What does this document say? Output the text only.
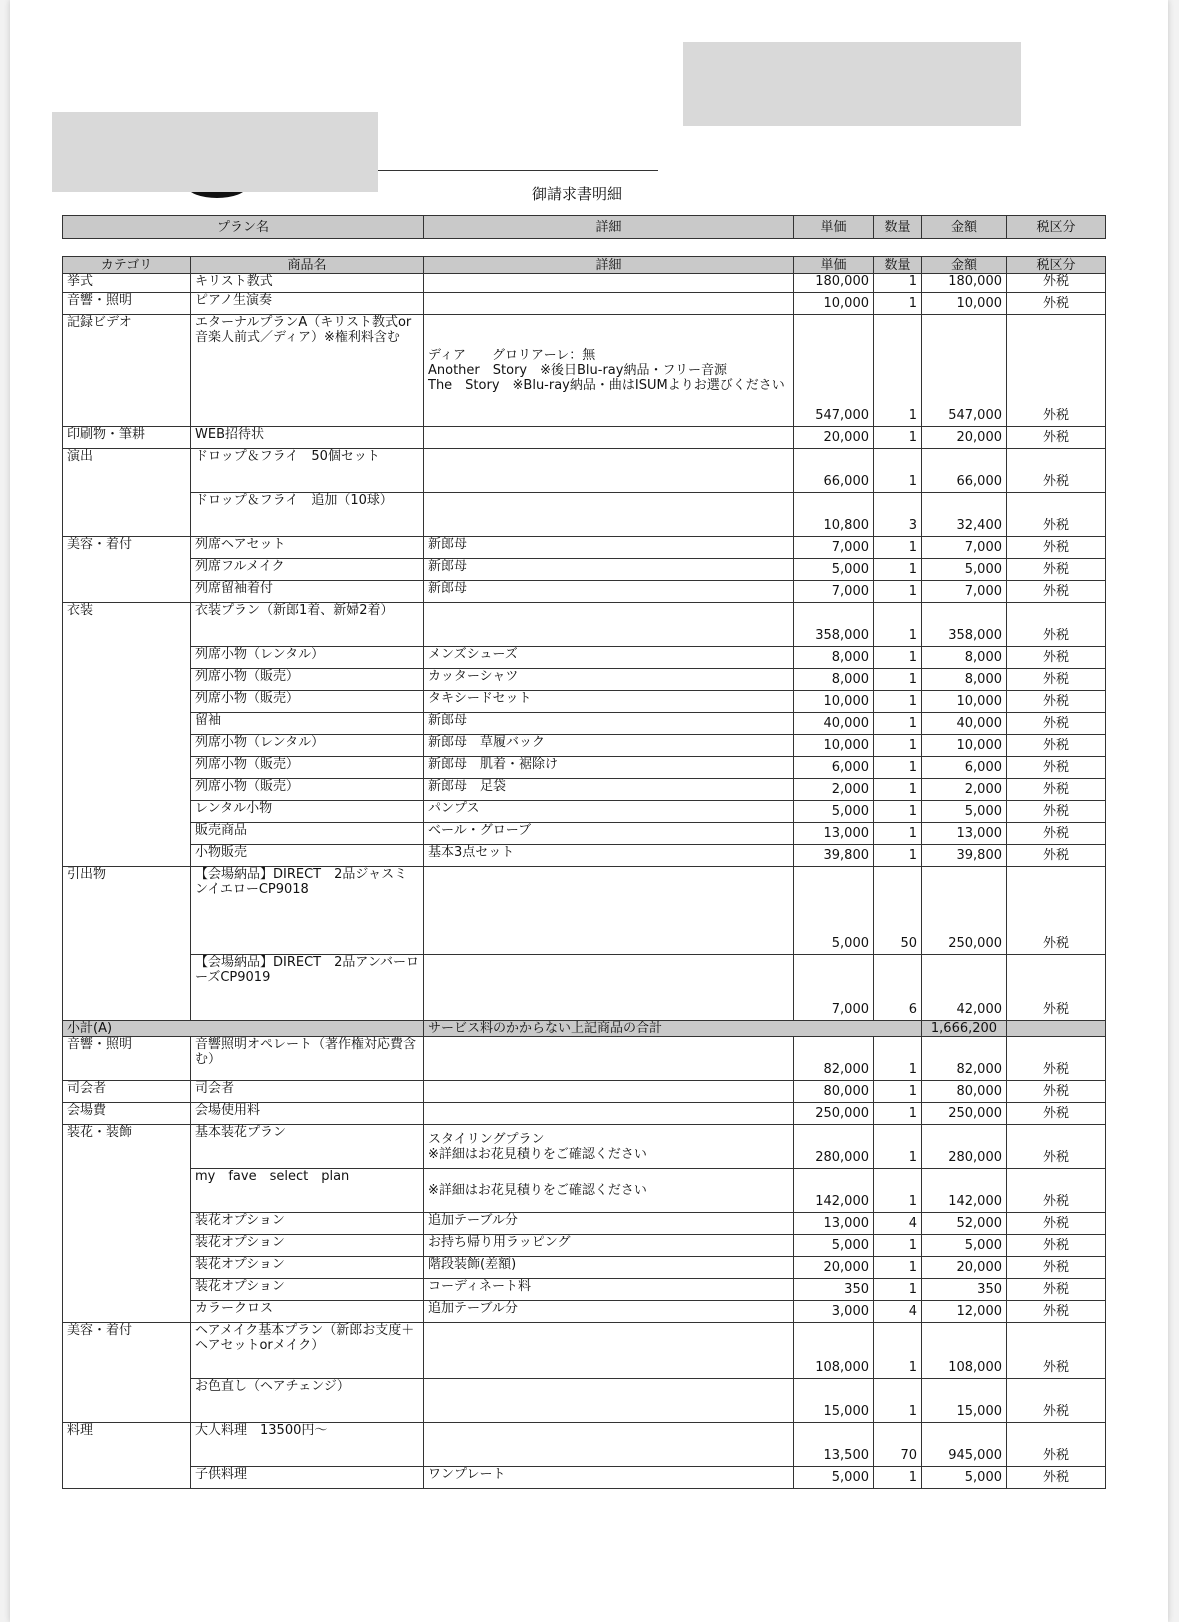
御請求書明細
プラン名	詳細	単価	数量	金額	税区分
カテゴリ	商品名	詳細	単価	数量	金額	税区分
挙式	キリスト教式		180,000	1	180,000	外税
音響・照明	ピアノ生演奏		10,000	1	10,000	外税
記録ビデオ	エターナルプランA（キリスト教式or音楽人前式／ディア）※権利料含む	ディア　　グロリアーレ：無
Another　Story　※後日Blu-ray納品・フリー音源
The　Story　※Blu-ray納品・曲はISUMよりお選びください	547,000	1	547,000	外税
印刷物・筆耕	WEB招待状		20,000	1	20,000	外税
演出	ドロップ＆フライ　50個セット		66,000	1	66,000	外税
	ドロップ＆フライ　追加（10球）		10,800	3	32,400	外税
美容・着付	列席ヘアセット	新郎母	7,000	1	7,000	外税
	列席フルメイク	新郎母	5,000	1	5,000	外税
	列席留袖着付	新郎母	7,000	1	7,000	外税
衣装	衣装プラン（新郎1着、新婦2着）		358,000	1	358,000	外税
	列席小物（レンタル）	メンズシューズ	8,000	1	8,000	外税
	列席小物（販売）	カッターシャツ	8,000	1	8,000	外税
	列席小物（販売）	タキシードセット	10,000	1	10,000	外税
	留袖	新郎母	40,000	1	40,000	外税
	列席小物（レンタル）	新郎母　草履バック	10,000	1	10,000	外税
	列席小物（販売）	新郎母　肌着・裾除け	6,000	1	6,000	外税
	列席小物（販売）	新郎母　足袋	2,000	1	2,000	外税
	レンタル小物	パンプス	5,000	1	5,000	外税
	販売商品	ベール・グローブ	13,000	1	13,000	外税
	小物販売	基本3点セット	39,800	1	39,800	外税
引出物	【会場納品】DIRECT　2品ジャスミンイエローCP9018		5,000	50	250,000	外税
	【会場納品】DIRECT　2品アンバーローズCP9019		7,000	6	42,000	外税
小計(A)		サービス料のかからない上記商品の合計			1,666,200	
音響・照明	音響照明オペレート（著作権対応費含む）		82,000	1	82,000	外税
司会者	司会者		80,000	1	80,000	外税
会場費	会場使用料		250,000	1	250,000	外税
装花・装飾	基本装花プラン	スタイリングプラン
※詳細はお花見積りをご確認ください	280,000	1	280,000	外税
	my　fave　select　plan	※詳細はお花見積りをご確認ください	142,000	1	142,000	外税
	装花オプション	追加テーブル分	13,000	4	52,000	外税
	装花オプション	お持ち帰り用ラッピング	5,000	1	5,000	外税
	装花オプション	階段装飾(差額)	20,000	1	20,000	外税
	装花オプション	コーディネート料	350	1	350	外税
	カラークロス	追加テーブル分	3,000	4	12,000	外税
美容・着付	ヘアメイク基本プラン（新郎お支度＋ヘアセットorメイク）		108,000	1	108,000	外税
	お色直し（ヘアチェンジ）		15,000	1	15,000	外税
料理	大人料理　13500円～		13,500	70	945,000	外税
	子供料理	ワンプレート	5,000	1	5,000	外税
